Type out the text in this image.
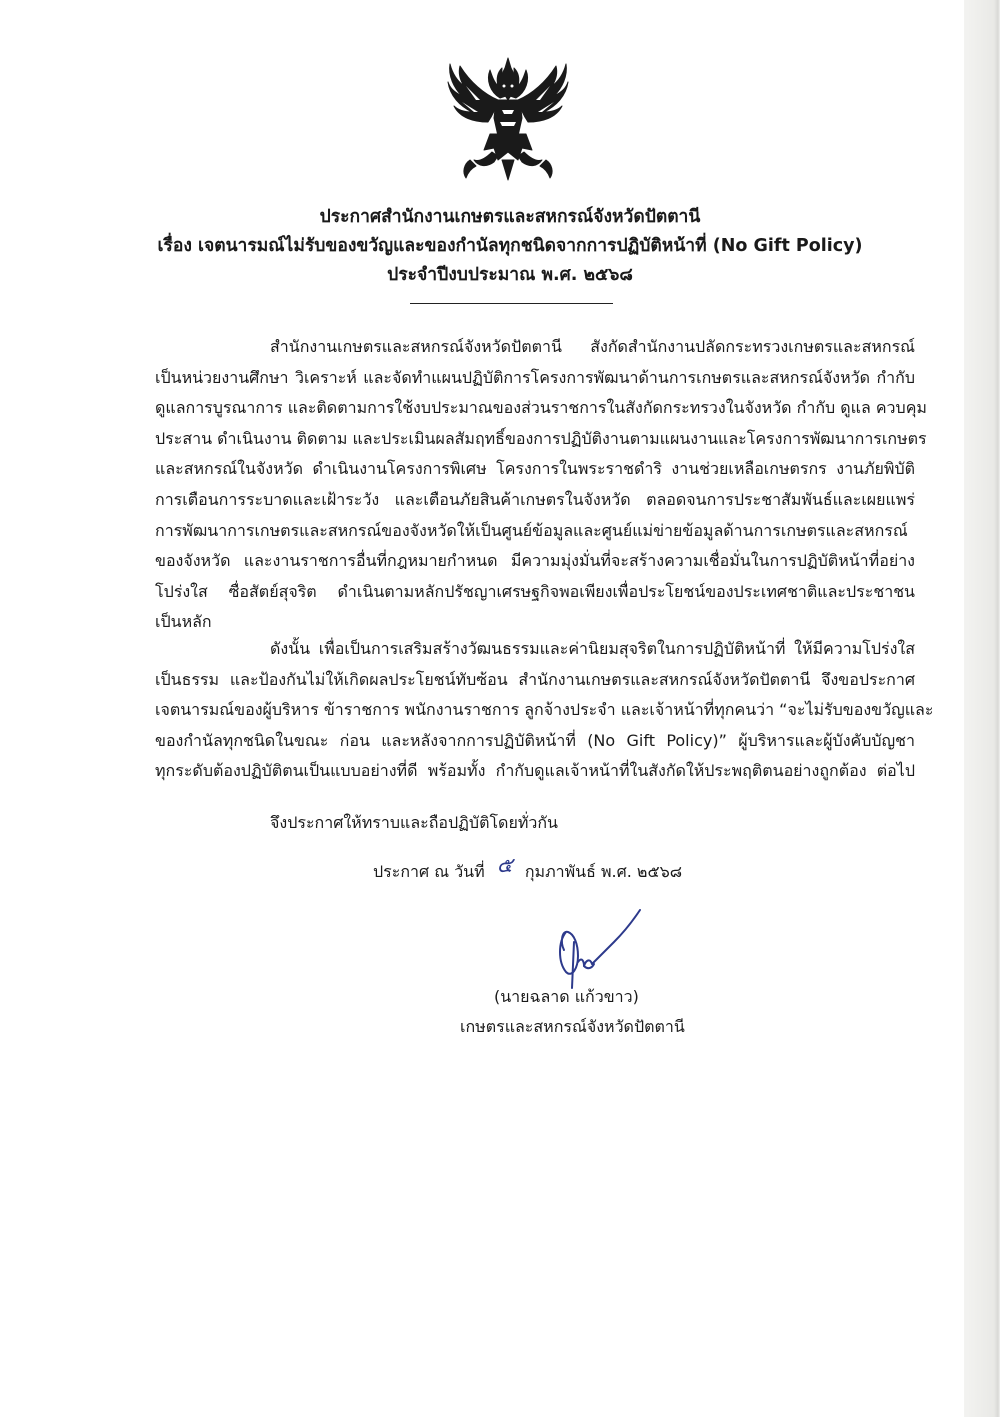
ประกาศสำนักงานเกษตรและสหกรณ์จังหวัดปัตตานี
เรื่อง เจตนารมณ์ไม่รับของขวัญและของกำนัลทุกชนิดจากการปฏิบัติหน้าที่ (No Gift Policy)
ประจำปีงบประมาณ พ.ศ. ๒๕๖๘
สำนักงานเกษตรและสหกรณ์จังหวัดปัตตานี สังกัดสำนักงานปลัดกระทรวงเกษตรและสหกรณ์
เป็นหน่วยงานศึกษา วิเคราะห์ และจัดทำแผนปฏิบัติการโครงการพัฒนาด้านการเกษตรและสหกรณ์จังหวัด กำกับ
ดูแลการบูรณาการ และติดตามการใช้งบประมาณของส่วนราชการในสังกัดกระทรวงในจังหวัด กำกับ ดูแล ควบคุม
ประสาน ดำเนินงาน ติดตาม และประเมินผลสัมฤทธิ์ของการปฏิบัติงานตามแผนงานและโครงการพัฒนาการเกษตร
และสหกรณ์ในจังหวัด ดำเนินงานโครงการพิเศษ โครงการในพระราชดำริ งานช่วยเหลือเกษตรกร งานภัยพิบัติ
การเตือนการระบาดและเฝ้าระวัง และเตือนภัยสินค้าเกษตรในจังหวัด ตลอดจนการประชาสัมพันธ์และเผยแพร่
การพัฒนาการเกษตรและสหกรณ์ของจังหวัดให้เป็นศูนย์ข้อมูลและศูนย์แม่ข่ายข้อมูลด้านการเกษตรและสหกรณ์
ของจังหวัด และงานราชการอื่นที่กฎหมายกำหนด มีความมุ่งมั่นที่จะสร้างความเชื่อมั่นในการปฏิบัติหน้าที่อย่าง
โปร่งใส ซื่อสัตย์สุจริต ดำเนินตามหลักปรัชญาเศรษฐกิจพอเพียงเพื่อประโยชน์ของประเทศชาติและประชาชน
เป็นหลัก
ดังนั้น เพื่อเป็นการเสริมสร้างวัฒนธรรมและค่านิยมสุจริตในการปฏิบัติหน้าที่ ให้มีความโปร่งใส
เป็นธรรม และป้องกันไม่ให้เกิดผลประโยชน์ทับซ้อน สำนักงานเกษตรและสหกรณ์จังหวัดปัตตานี จึงขอประกาศ
เจตนารมณ์ของผู้บริหาร ข้าราชการ พนักงานราชการ ลูกจ้างประจำ และเจ้าหน้าที่ทุกคนว่า “จะไม่รับของขวัญและ
ของกำนัลทุกชนิดในขณะ ก่อน และหลังจากการปฏิบัติหน้าที่ (No Gift Policy)” ผู้บริหารและผู้บังคับบัญชา
ทุกระดับต้องปฏิบัติตนเป็นแบบอย่างที่ดี พร้อมทั้ง กำกับดูแลเจ้าหน้าที่ในสังกัดให้ประพฤติตนอย่างถูกต้อง ต่อไป
จึงประกาศให้ทราบและถือปฏิบัติโดยทั่วกัน
ประกาศ ณ วันที่ ๕ กุมภาพันธ์ พ.ศ. ๒๕๖๘
(นายฉลาด แก้วขาว)
เกษตรและสหกรณ์จังหวัดปัตตานี
